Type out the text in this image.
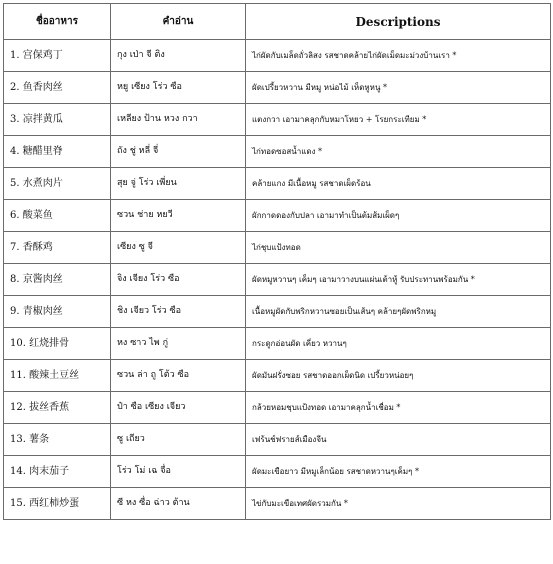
ชื่ออาหาร	คำอ่าน	Descriptions
1. 宫保鸡丁	กุง เป่า จี ติง	ไก่ผัดกับเมล็ดถั่วลิสง รสชาดคล้ายไก่ผัดเม็ดมะม่วงบ้านเรา *
2. 鱼香肉丝	หยู เซียง โร่ว ซือ	ผัดเปรี้ยวหวาน มีหมู หน่อไม้ เห็ดหูหนู *
3. 凉拌黄瓜	เหลียง ป้าน หวง กวา	แตงกวา เอามาคลุกกับหมาโหยว + โรยกระเทียม *
4. 糖醋里脊	ถัง ชู่ หลี่ จี่	ไก่ทอดซอสน้ำแดง *
5. 水煮肉片	สุย จู่ โร่ว เพี่ยน	คล้ายแกง มีเนื้อหมู รสชาดเผ็ดร้อน
6. 酸菜鱼	ซวน ช่าย หยวี	ผักกาดดองกับปลา เอามาทำเป็นต้มส้มเผ็ดๆ
7. 香酥鸡	เซียง ซู จี	ไก่ชุบแป้งทอด
8. 京酱肉丝	จิง เจียง โร่ว ซือ	ผัดหมูหวานๆ เค็มๆ เอามาวางบนแผ่นเต้าหู้ รับประทานพร้อมกัน *
9. 青椒肉丝	ชิง เจียว โร่ว ซือ	เนื้อหมูผัดกับพริกหวานซอยเป็นเส้นๆ คล้ายๆผัดพริกหมู
10. 红烧排骨	หง ซาว ไพ กู่	กระดูกอ่อนผัด เคี่ยว หวานๆ
11. 酸辣土豆丝	ซวน ล่า ถู โต้ว ซือ	ผัดมันฝรั่งซอย รสชาดออกเผ็ดนิด เปรี้ยวหน่อยๆ
12. 拔丝香蕉	ป๋า ซือ เซียง เจียว	กล้วยหอมชุบแป้งทอด เอามาคลุกน้ำเชื่อม *
13. 薯条	ซู เถียว	เฟร้นช์ฟรายส์เมืองจีน
14. 肉末茄子	โร่ว โม่ เฉ จื่อ	ผัดมะเขือยาว มีหมูเล็กน้อย รสชาดหวานๆเค็มๆ *
15. 西红柿炒蛋	ซี หง ซื่อ ฉ่าว ต้าน	ไข่กับมะเขือเทศผัดรวมกัน *
